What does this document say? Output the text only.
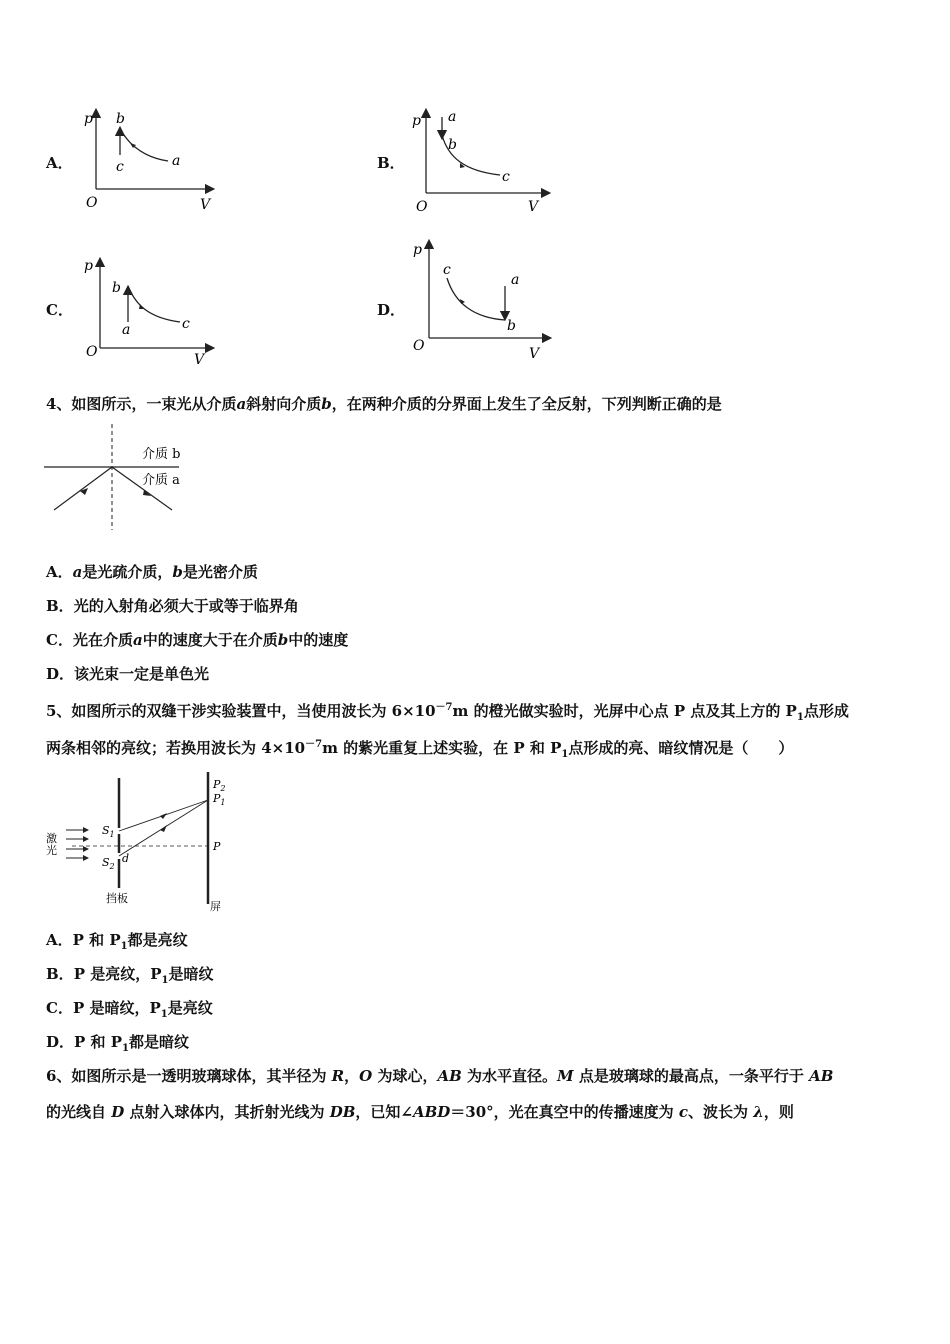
A．
p
V
O
b
c	a	B．
p
V
O
a
b
c
C．
p
V
O
b
a	c
D．
p
V
O
c
a
b
4、如图所示，一束光从介质a斜射向介质b，在两种介质的分界面上发生了全反射，下列判断正确的是
介质 b
介质 a
A．a是光疏介质，b是光密介质
B．光的入射角必须大于或等于临界角
C．光在介质a中的速度大于在介质b中的速度
D．该光束一定是单色光
5、如图所示的双缝干涉实验装置中，当使用波长为 $6\times 10^{-7}m$ 的橙光做实验时，光屏中心点 P 点及其上方的 $P_1$点形成
两条相邻的亮纹；若换用波长为 $4\times 10^{-7}m$ 的紫光重复上述实验，在 P 和 $P_1$点形成的亮、暗纹情况是（　　）
激
光
$S_1$
$S_2$
d
$P_2$
$P_1$
P
挡板
屏
A．P 和 $P_1$都是亮纹
B．P 是亮纹，$P_1$是暗纹
C．P 是暗纹，$P_1$是亮纹
D．P 和 $P_1$都是暗纹
6、如图所示是一透明玻璃球体，其半径为 R，O 为球心，AB 为水平直径。M 点是玻璃球的最高点，一条平行于 AB
的光线自 D 点射入球体内，其折射光线为 DB，已知∠ABD＝30°，光在真空中的传播速度为 c、波长为 λ，则
